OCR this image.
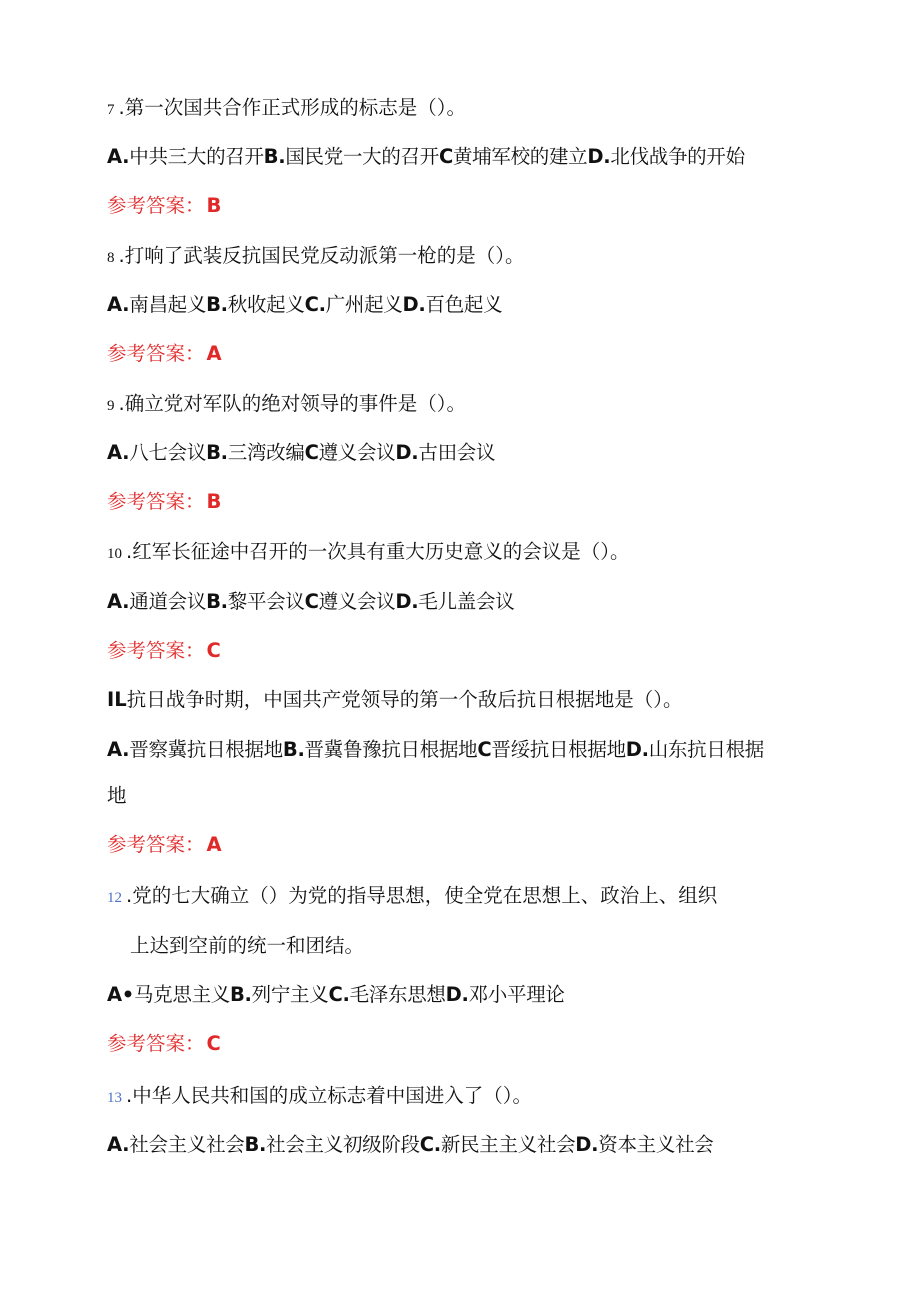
7 .第一次国共合作正式形成的标志是（）。
A.中共三大的召开B.国民党一大的召开C黄埔军校的建立D.北伐战争的开始
参考答案： B
8 .打响了武装反抗国民党反动派第一枪的是（）。
A.南昌起义B.秋收起义C.广州起义D.百色起义
参考答案： A
9 .确立党对军队的绝对领导的事件是（）。
A.八七会议B.三湾改编C遵义会议D.古田会议
参考答案： B
10 .红军长征途中召开的一次具有重大历史意义的会议是（）。
A.通道会议B.黎平会议C遵义会议D.毛儿盖会议
参考答案： C
IL抗日战争时期，中国共产党领导的第一个敌后抗日根据地是（）。
A.晋察冀抗日根据地B.晋冀鲁豫抗日根据地C晋绥抗日根据地D.山东抗日根据
地
参考答案： A
12 .党的七大确立（）为党的指导思想，使全党在思想上、政治上、组织
上达到空前的统一和团结。
A•马克思主义B.列宁主义C.毛泽东思想D.邓小平理论
参考答案： C
13 .中华人民共和国的成立标志着中国进入了（）。
A.社会主义社会B.社会主义初级阶段C.新民主主义社会D.资本主义社会
